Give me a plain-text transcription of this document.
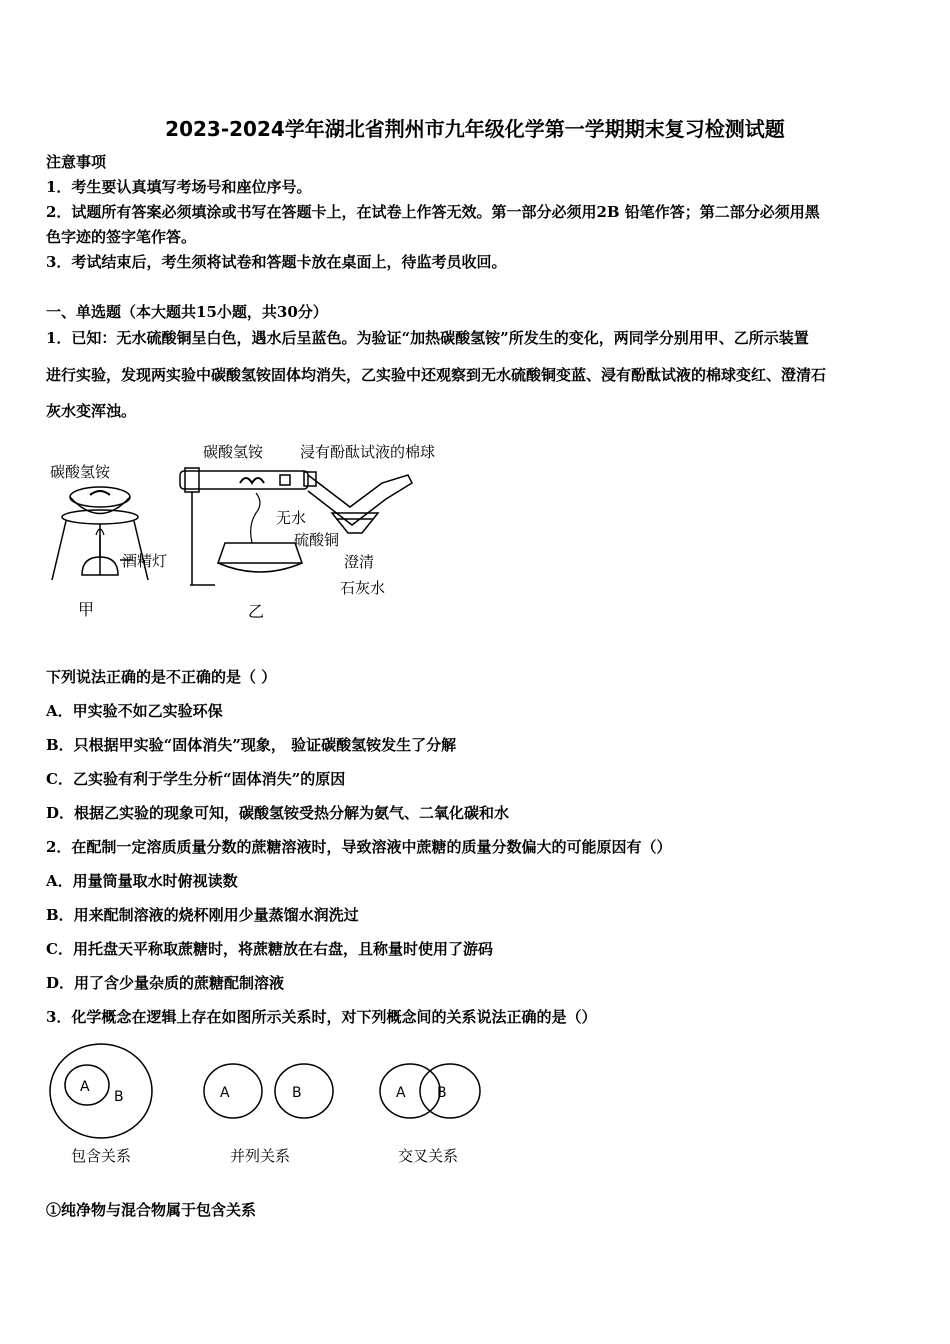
2023-2024学年湖北省荆州市九年级化学第一学期期末复习检测试题
注意事项
1．考生要认真填写考场号和座位序号。
2．试题所有答案必须填涂或书写在答题卡上，在试卷上作答无效。第一部分必须用2B 铅笔作答；第二部分必须用黑
色字迹的签字笔作答。
3．考试结束后，考生须将试卷和答题卡放在桌面上，待监考员收回。
一、单选题（本大题共15小题，共30分）
1．已知：无水硫酸铜呈白色，遇水后呈蓝色。为验证“加热碳酸氢铵”所发生的变化，两同学分别用甲、乙所示装置
进行实验，发现两实验中碳酸氢铵固体均消失，乙实验中还观察到无水硫酸铜变蓝、浸有酚酞试液的棉球变红、澄清石
灰水变浑浊。
碳酸氢铵
酒精灯
甲
碳酸氢铵 浸有酚酞试液的棉球
无水
硫酸铜
澄清
石灰水
乙
下列说法正确的是不正确的是（ ）
A．甲实验不如乙实验环保
B．只根据甲实验“固体消失”现象， 验证碳酸氢铵发生了分解
C．乙实验有利于学生分析“固体消失”的原因
D．根据乙实验的现象可知，碳酸氢铵受热分解为氨气、二氧化碳和水
2．在配制一定溶质质量分数的蔗糖溶液时，导致溶液中蔗糖的质量分数偏大的可能原因有（）
A．用量筒量取水时俯视读数
B．用来配制溶液的烧杯刚用少量蒸馏水润洗过
C．用托盘天平称取蔗糖时，将蔗糖放在右盘，且称量时使用了游码
D．用了含少量杂质的蔗糖配制溶液
3．化学概念在逻辑上存在如图所示关系时，对下列概念间的关系说法正确的是（）
A
B	A	B	A B
包含关系	并列关系	交叉关系
①纯净物与混合物属于包含关系
